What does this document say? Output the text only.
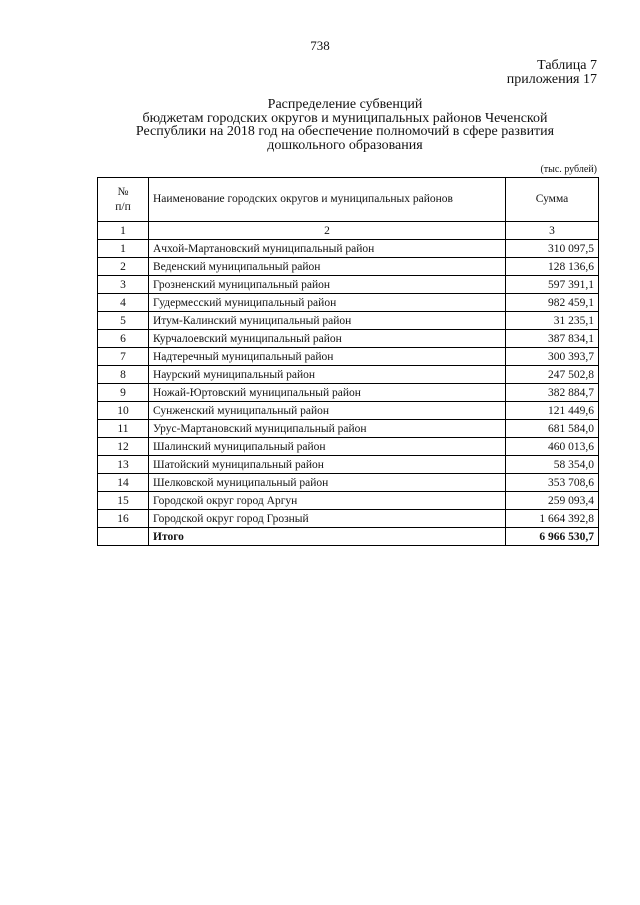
738
Таблица 7
приложения 17
Распределение субвенций
бюджетам городских округов и муниципальных районов Чеченской
Республики на 2018 год на обеспечение полномочий в сфере развития
дошкольного образования
(тыс. рублей)
№
п/п	Наименование городских округов и муниципальных районов	Сумма
1	2	3
1	Ачхой-Мартановский муниципальный район	310 097,5
2	Веденский муниципальный район	128 136,6
3	Грозненский муниципальный район	597 391,1
4	Гудермесский муниципальный район	982 459,1
5	Итум-Калинский муниципальный район	31 235,1
6	Курчалоевский муниципальный район	387 834,1
7	Надтеречный муниципальный район	300 393,7
8	Наурский муниципальный район	247 502,8
9	Ножай-Юртовский муниципальный район	382 884,7
10	Сунженский муниципальный район	121 449,6
11	Урус-Мартановский муниципальный район	681 584,0
12	Шалинский муниципальный район	460 013,6
13	Шатойский муниципальный район	58 354,0
14	Шелковской муниципальный район	353 708,6
15	Городской округ город Аргун	259 093,4
16	Городской округ город Грозный	1 664 392,8
	Итого	6 966 530,7
